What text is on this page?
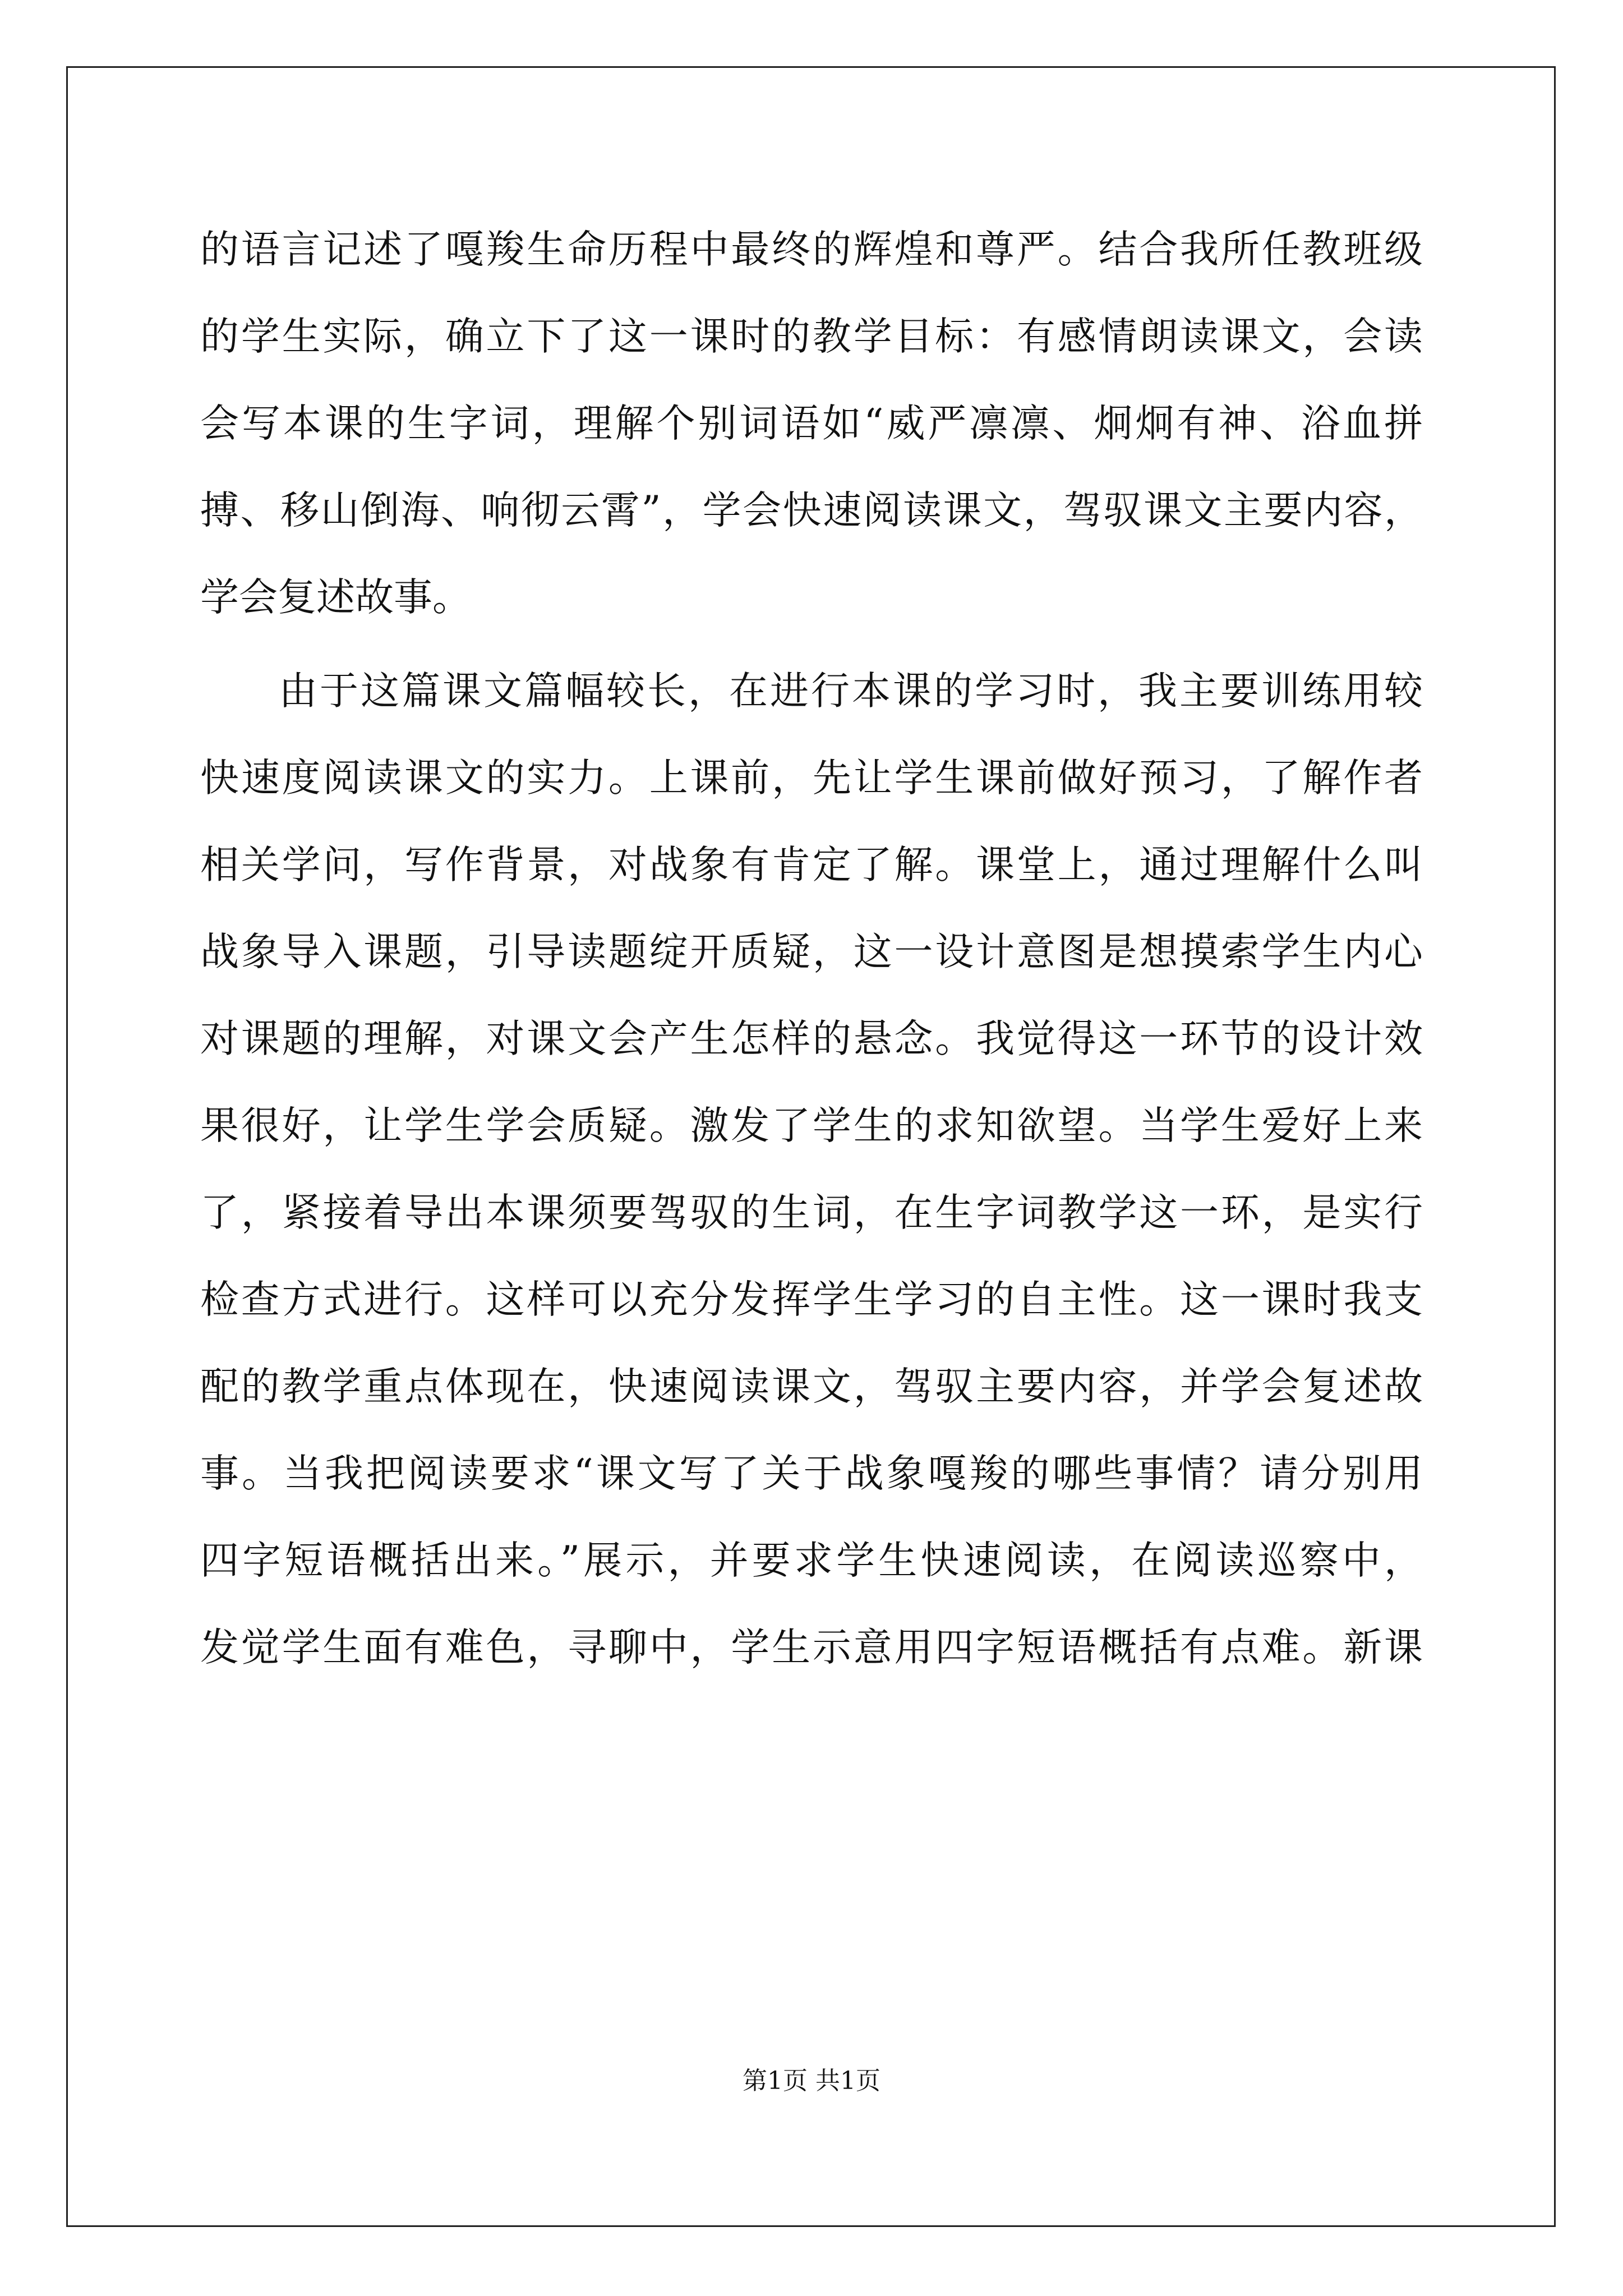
的语言记述了嘎羧生命历程中最终的辉煌和尊严。结合我所任教班级
的学生实际，确立下了这一课时的教学目标：有感情朗读课文，会读
会写本课的生字词，理解个别词语如“威严凛凛、炯炯有神、浴血拼
搏、移山倒海、响彻云霄”，学会快速阅读课文，驾驭课文主要内容，
学会复述故事。
由于这篇课文篇幅较长，在进行本课的学习时，我主要训练用较
快速度阅读课文的实力。上课前，先让学生课前做好预习，了解作者
相关学问，写作背景，对战象有肯定了解。课堂上，通过理解什么叫
战象导入课题，引导读题绽开质疑，这一设计意图是想摸索学生内心
对课题的理解，对课文会产生怎样的悬念。我觉得这一环节的设计效
果很好，让学生学会质疑。激发了学生的求知欲望。当学生爱好上来
了，紧接着导出本课须要驾驭的生词，在生字词教学这一环，是实行
检查方式进行。这样可以充分发挥学生学习的自主性。这一课时我支
配的教学重点体现在，快速阅读课文，驾驭主要内容，并学会复述故
事。当我把阅读要求“课文写了关于战象嘎羧的哪些事情？请分别用
四字短语概括出来。”展示，并要求学生快速阅读，在阅读巡察中，
发觉学生面有难色，寻聊中，学生示意用四字短语概括有点难。新课
第1页 共1页
